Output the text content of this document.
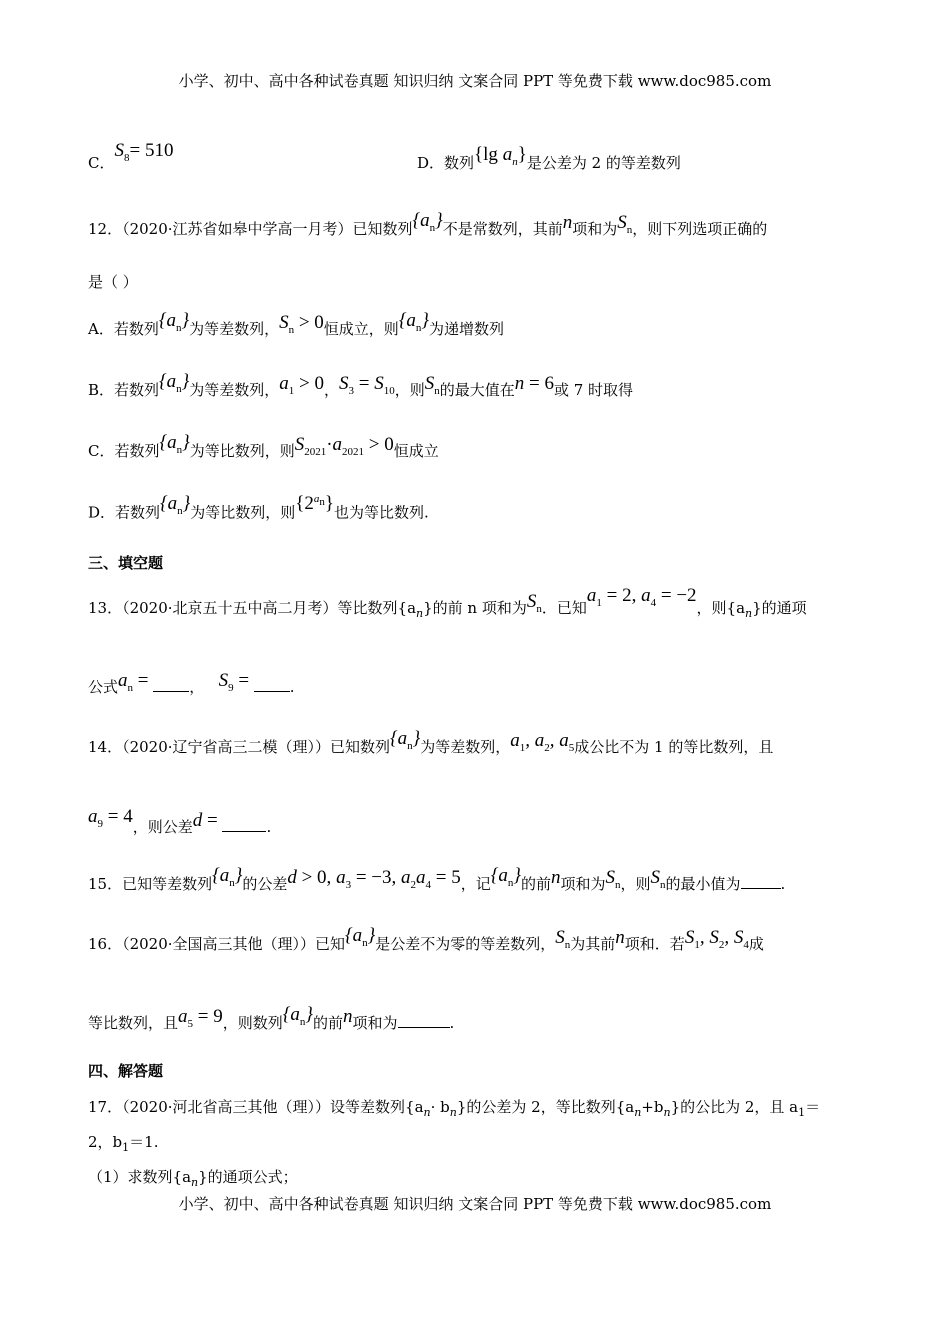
小学、初中、高中各种试卷真题 知识归纳 文案合同 PPT 等免费下载 www.doc985.com
C．$S_8= 510$
D．数列{lg $a_n$}是公差为 2 的等差数列
12．（2020·江苏省如皋中学高一月考）已知数列$\{a_n\}$不是常数列，其前n项和为$S_n$，则下列选项正确的
是（ ）
A．若数列$\{a_n\}$为等差数列，$S_n > 0$恒成立，则$\{a_n\}$为递增数列
B．若数列$\{a_n\}$为等差数列，$a_1 > 0$，$S_3 = S_{10}$，则$S_n$的最大值在n = 6或 7 时取得
C．若数列$\{a_n\}$为等比数列，则$S_{2021}\cdot a_{2021} > 0$恒成立
D．若数列$\{a_n\}$为等比数列，则$\{2^{a_n}\}$也为等比数列.
三、填空题
13．（2020·北京五十五中高二月考）等比数列$\{a_n\}$的前 n 项和为$S_n$．已知$a_1 = 2$, $a_4 = -2$，则$\{a_n\}$的通项
公式$a_n$ = ， $S_9$ = .
14．（2020·辽宁省高三二模（理））已知数列$\{a_n\}$为等差数列，$a_1$, $a_2$, $a_5$成公比不为 1 的等比数列，且
$a_9 = 4$，则公差d =	.
15．已知等差数列$\{a_n\}$的公差d > 0, $a_3 = -3$, $a_2a_4 = 5$，记$\{a_n\}$的前n项和为$S_n$，则$S_n$的最小值为	.
16．（2020·全国高三其他（理））已知$\{a_n\}$是公差不为零的等差数列，$S_n$为其前n项和．若$S_1$, $S_2$, $S_4$成
等比数列，且$a_5 = 9$，则数列$\{a_n\}$的前n项和为	.
四、解答题
17．（2020·河北省高三其他（理））设等差数列$\{a_n\cdot b_n\}$的公差为 2，等比数列$\{a_n+b_n\}$的公比为 2，且 $a_1=$
2，$b_1=1$.
（1）求数列$\{a_n\}$的通项公式；
小学、初中、高中各种试卷真题 知识归纳 文案合同 PPT 等免费下载 www.doc985.com
